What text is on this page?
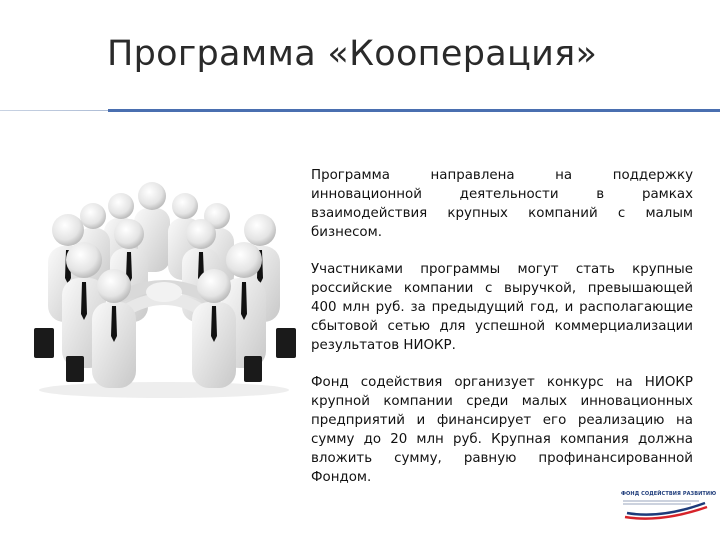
Программа «Кооперация»

Программа направлена на поддержку инновационной деятельности в рамках взаимодействия крупных компаний с малым бизнесом.

Участниками программы могут стать крупные российские компании с выручкой, превышающей 400 млн руб. за предыдущий год, и располагающие сбытовой сетью для успешной коммерциализации результатов НИОКР.

Фонд содействия организует конкурс на НИОКР крупной компании среди малых инновационных предприятий и финансирует его реализацию на сумму до 20 млн руб. Крупная компания должна вложить сумму, равную профинансированной Фондом.

ФОНД СОДЕЙСТВИЯ РАЗВИТИЮ
